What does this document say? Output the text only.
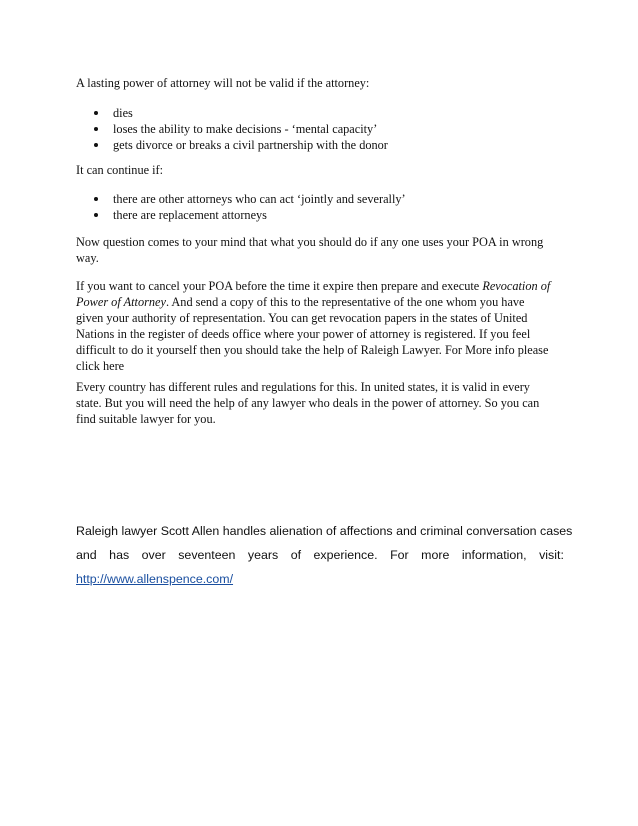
A lasting power of attorney will not be valid if the attorney:

dies
loses the ability to make decisions - ‘mental capacity’
gets divorce or breaks a civil partnership with the donor

It can continue if:

there are other attorneys who can act ‘jointly and severally’
there are replacement attorneys

Now question comes to your mind that what you should do if any one uses your POA in wrong

way.

If you want to cancel your POA before the time it expire then prepare and execute Revocation of

Power of Attorney. And send a copy of this to the representative of the one whom you have

given your authority of representation. You can get revocation papers in the states of United

Nations in the register of deeds office where your power of attorney is registered. If you feel

difficult to do it yourself then you should take the help of Raleigh Lawyer. For More info please

click here

Every country has different rules and regulations for this. In united states, it is valid in every

state. But you will need the help of any lawyer who deals in the power of attorney. So you can

find suitable lawyer for you.

Raleigh lawyer Scott Allen handles alienation of affections and criminal conversation cases

and has over seventeen years of experience. For more information, visit:

http://www.allenspence.com/
